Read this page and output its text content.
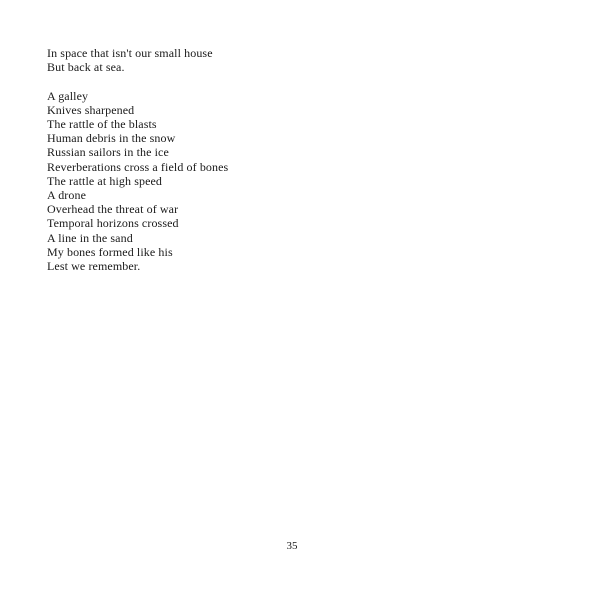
In space that isn't our small house
But back at sea.
A galley
Knives sharpened
The rattle of the blasts
Human debris in the snow
Russian sailors in the ice
Reverberations cross a field of bones
The rattle at high speed
A drone
Overhead the threat of war
Temporal horizons crossed
A line in the sand
My bones formed like his
Lest we remember.
35
